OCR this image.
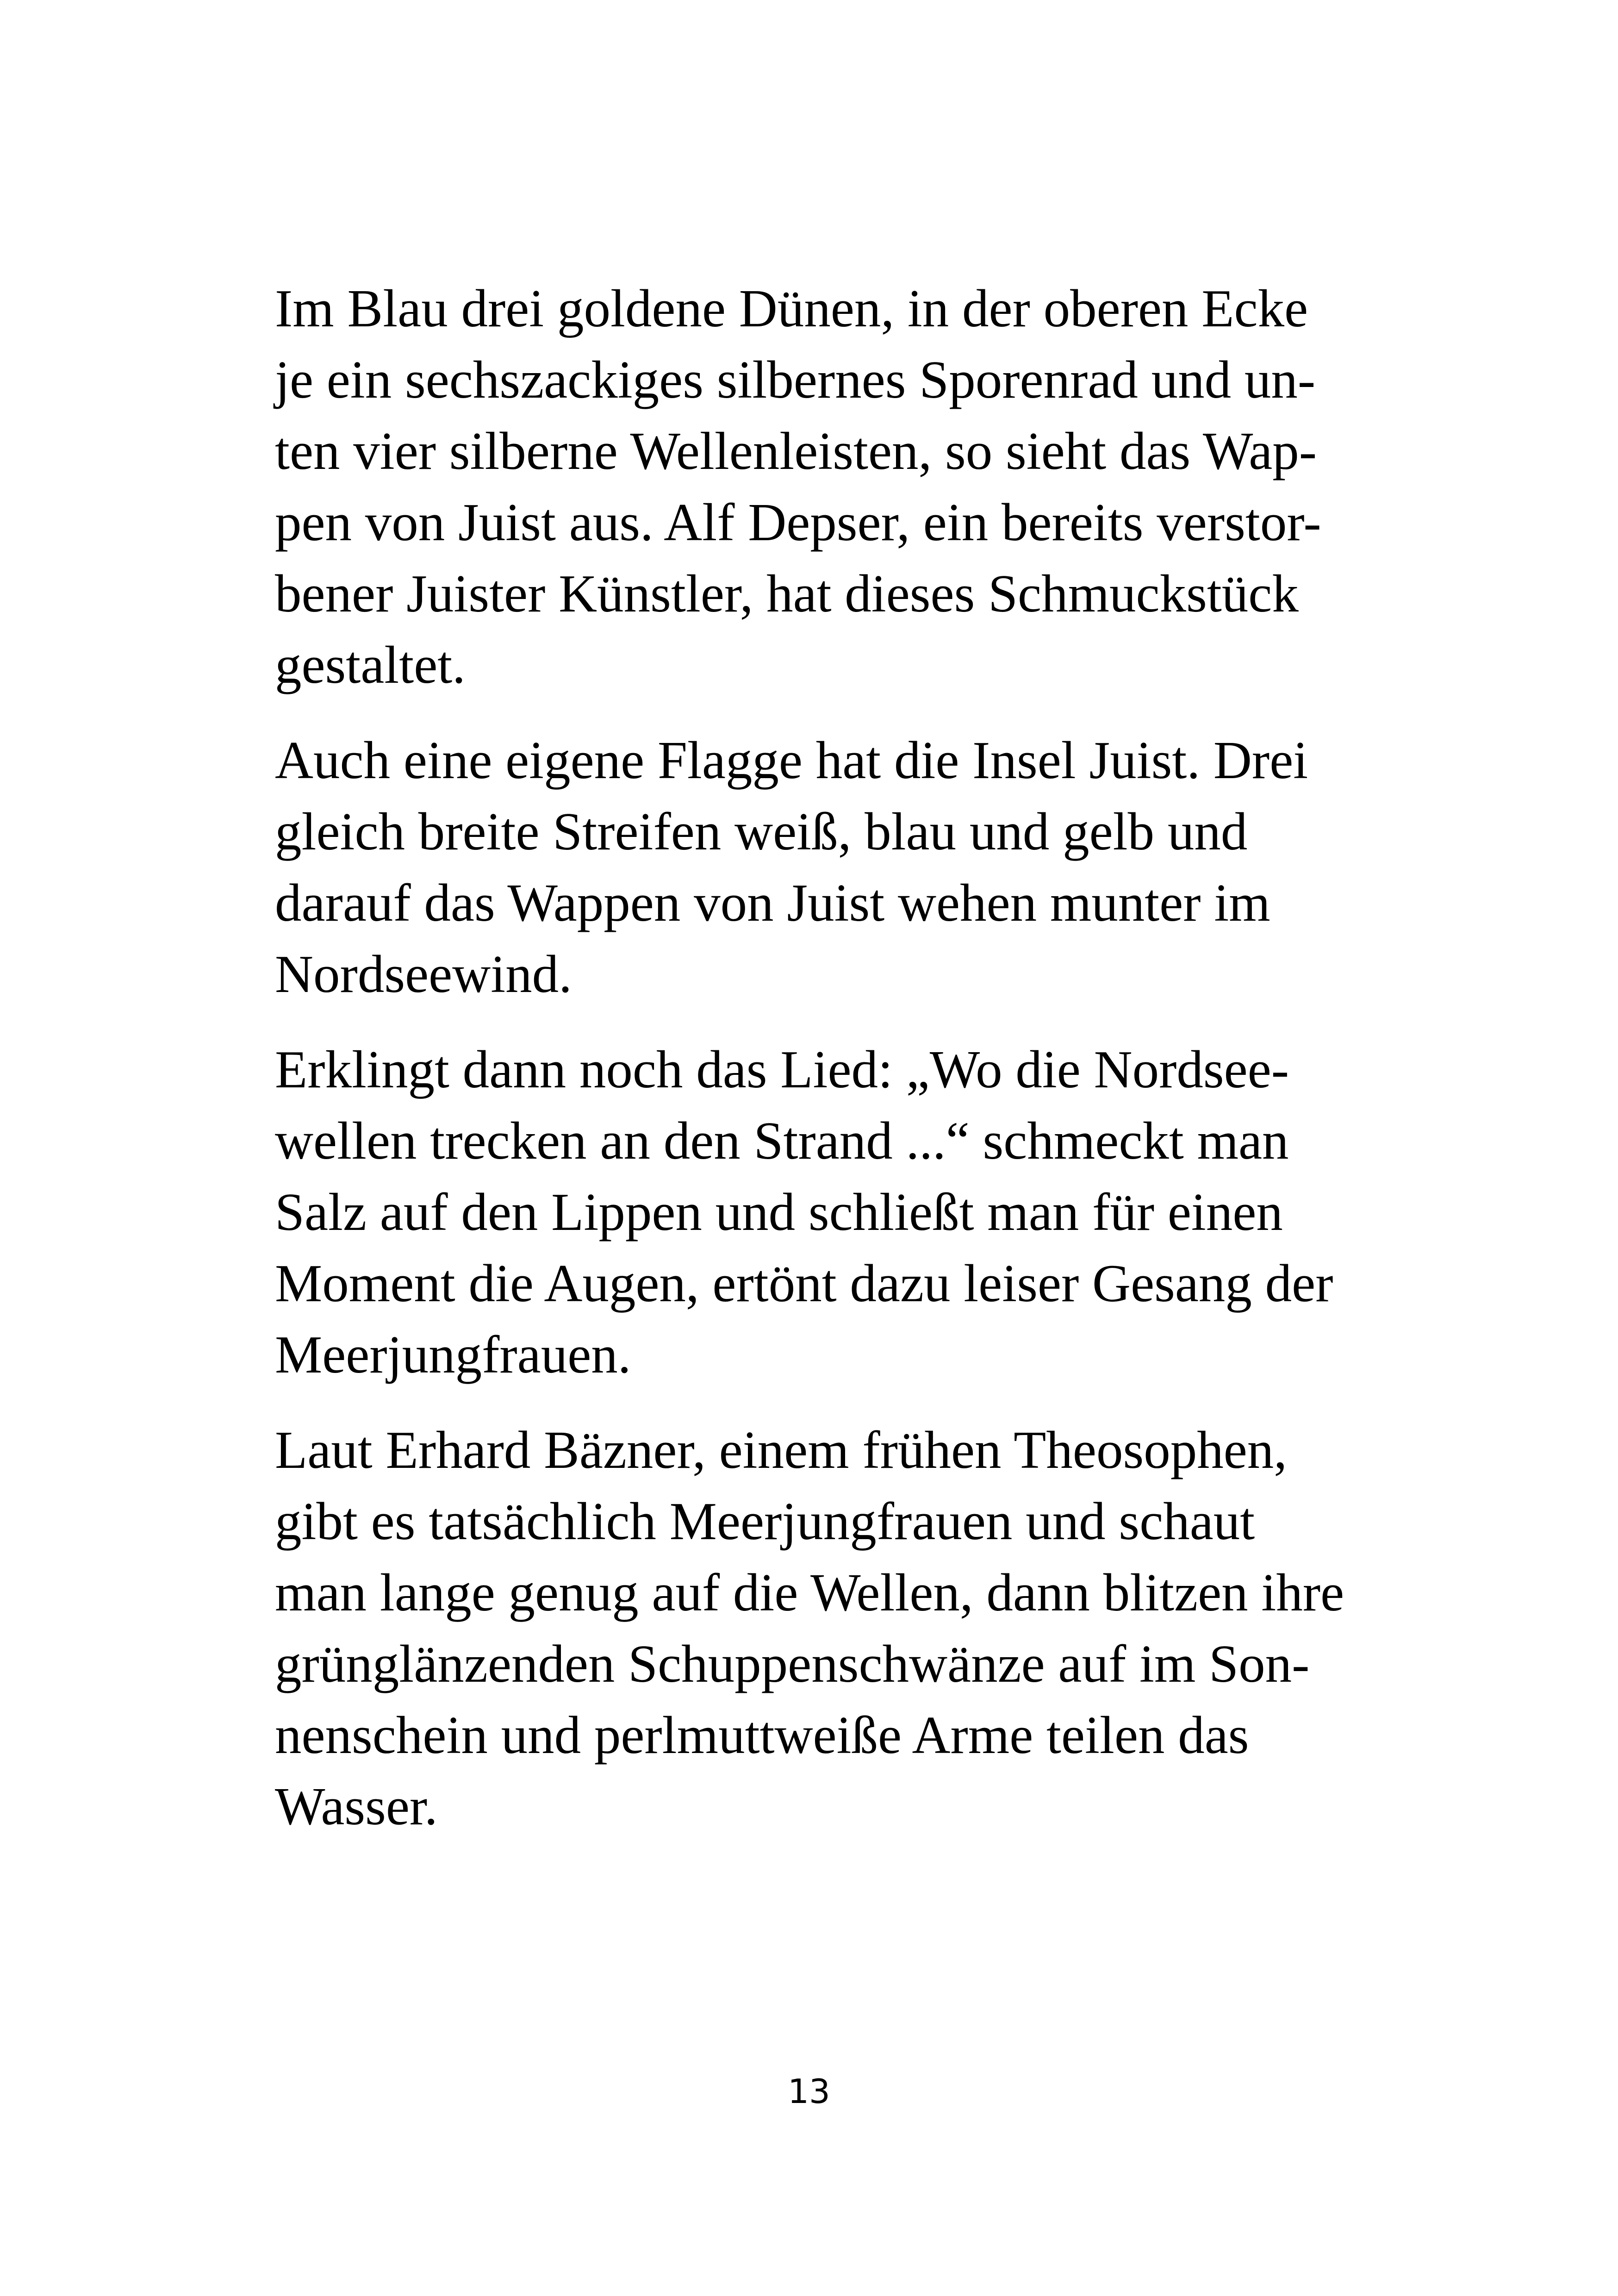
Im Blau drei goldene Dünen, in der oberen Ecke
je ein sechszackiges silbernes Sporenrad und un-
ten vier silberne Wellenleisten, so sieht das Wap-
pen von Juist aus. Alf Depser, ein bereits verstor-
bener Juister Künstler, hat dieses Schmuckstück
gestaltet.

Auch eine eigene Flagge hat die Insel Juist. Drei
gleich breite Streifen weiß, blau und gelb und
darauf das Wappen von Juist wehen munter im
Nordseewind.

Erklingt dann noch das Lied: „Wo die Nordsee-
wellen trecken an den Strand ...“ schmeckt man
Salz auf den Lippen und schließt man für einen
Moment die Augen, ertönt dazu leiser Gesang der
Meerjungfrauen.

Laut Erhard Bäzner, einem frühen Theosophen,
gibt es tatsächlich Meerjungfrauen und schaut
man lange genug auf die Wellen, dann blitzen ihre
grünglänzenden Schuppenschwänze auf im Son-
nenschein und perlmuttweiße Arme teilen das
Wasser.

13
